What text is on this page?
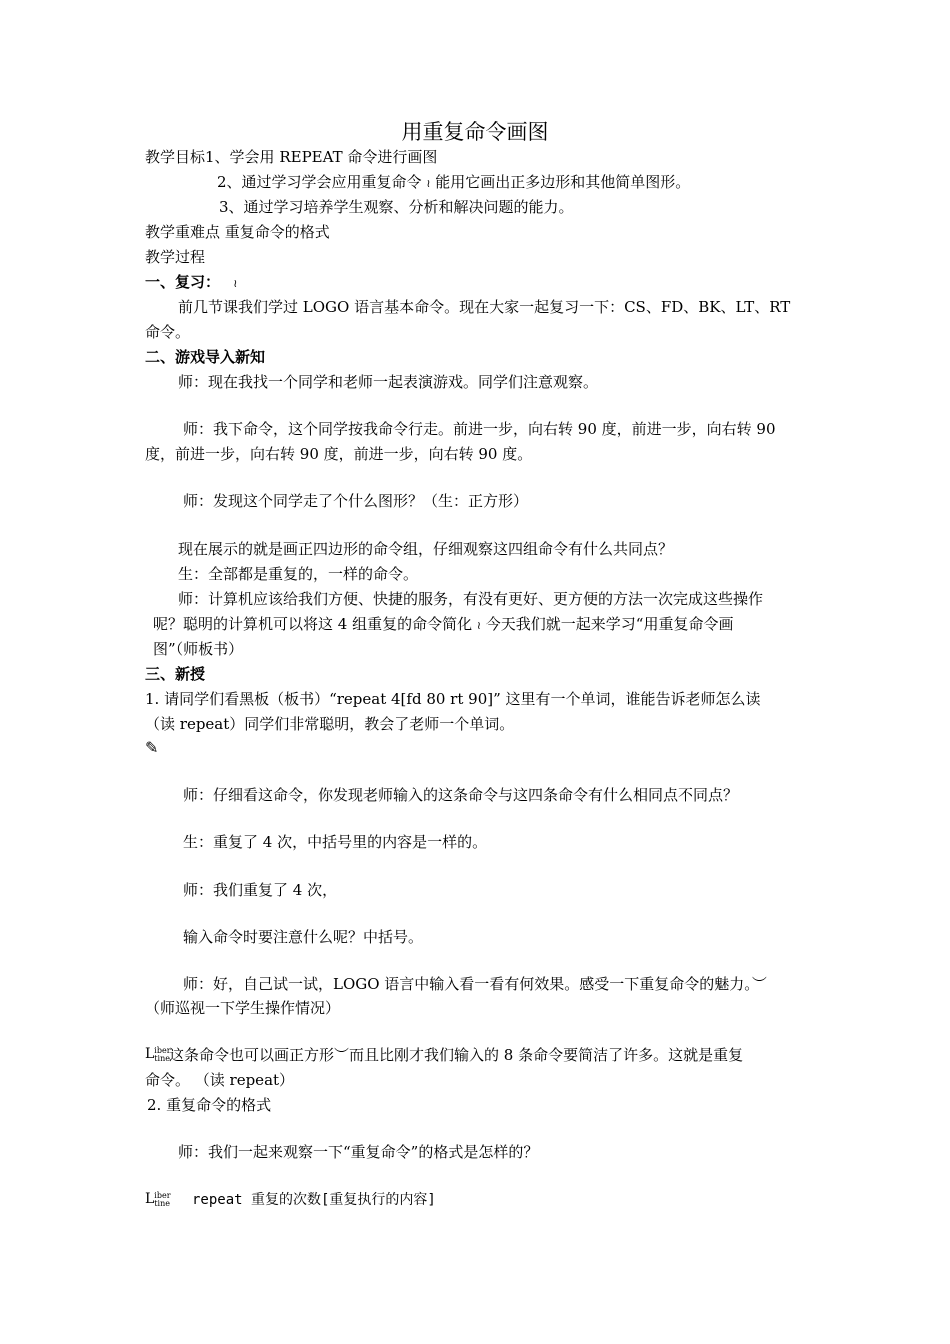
用重复命令画图
教学目标1、学会用 REPEAT 命令进行画图
2、通过学习学会应用重复命令 ≀ 能用它画出正多边形和其他简单图形。
3、通过学习培养学生观察、分析和解决问题的能力。
教学重难点 重复命令的格式
教学过程
一、复习： ≀
前几节课我们学过 LOGO 语言基本命令。现在大家一起复习一下：CS、FD、BK、LT、RT
命令。
二、游戏导入新知
师：现在我找一个同学和老师一起表演游戏。同学们注意观察。
师：我下命令，这个同学按我命令行走。前进一步，向右转 90 度，前进一步，向右转 90
度，前进一步，向右转 90 度，前进一步，向右转 90 度。
师：发现这个同学走了个什么图形？（生：正方形）
现在展示的就是画正四边形的命令组，仔细观察这四组命令有什么共同点？
生：全部都是重复的，一样的命令。
师：计算机应该给我们方便、快捷的服务，有没有更好、更方便的方法一次完成这些操作
呢？聪明的计算机可以将这 4 组重复的命令简化 ≀ 今天我们就一起来学习“用重复命令画
图”（师板书）
三、新授
1. 请同学们看黑板（板书）“repeat 4[fd 80 rt 90]” 这里有一个单词，谁能告诉老师怎么读
（读 repeat）同学们非常聪明，教会了老师一个单词。
✎
师：仔细看这命令，你发现老师输入的这条命令与这四条命令有什么相同点不同点？
生：重复了 4 次，中括号里的内容是一样的。
师：我们重复了 4 次，
输入命令时要注意什么呢？中括号。
师：好，自己试一试，LOGO 语言中输入看一看有何效果。感受一下重复命令的魅力。︶
（师巡视一下学生操作情况）
L iber
tine 这条命令也可以画正方形︶而且比刚才我们输入的 8 条命令要简洁了许多。这就是重复
命令。 （读 repeat）
2. 重复命令的格式
师：我们一起来观察一下“重复命令”的格式是怎样的？
L iber
tine repeat 重复的次数[重复执行的内容]
